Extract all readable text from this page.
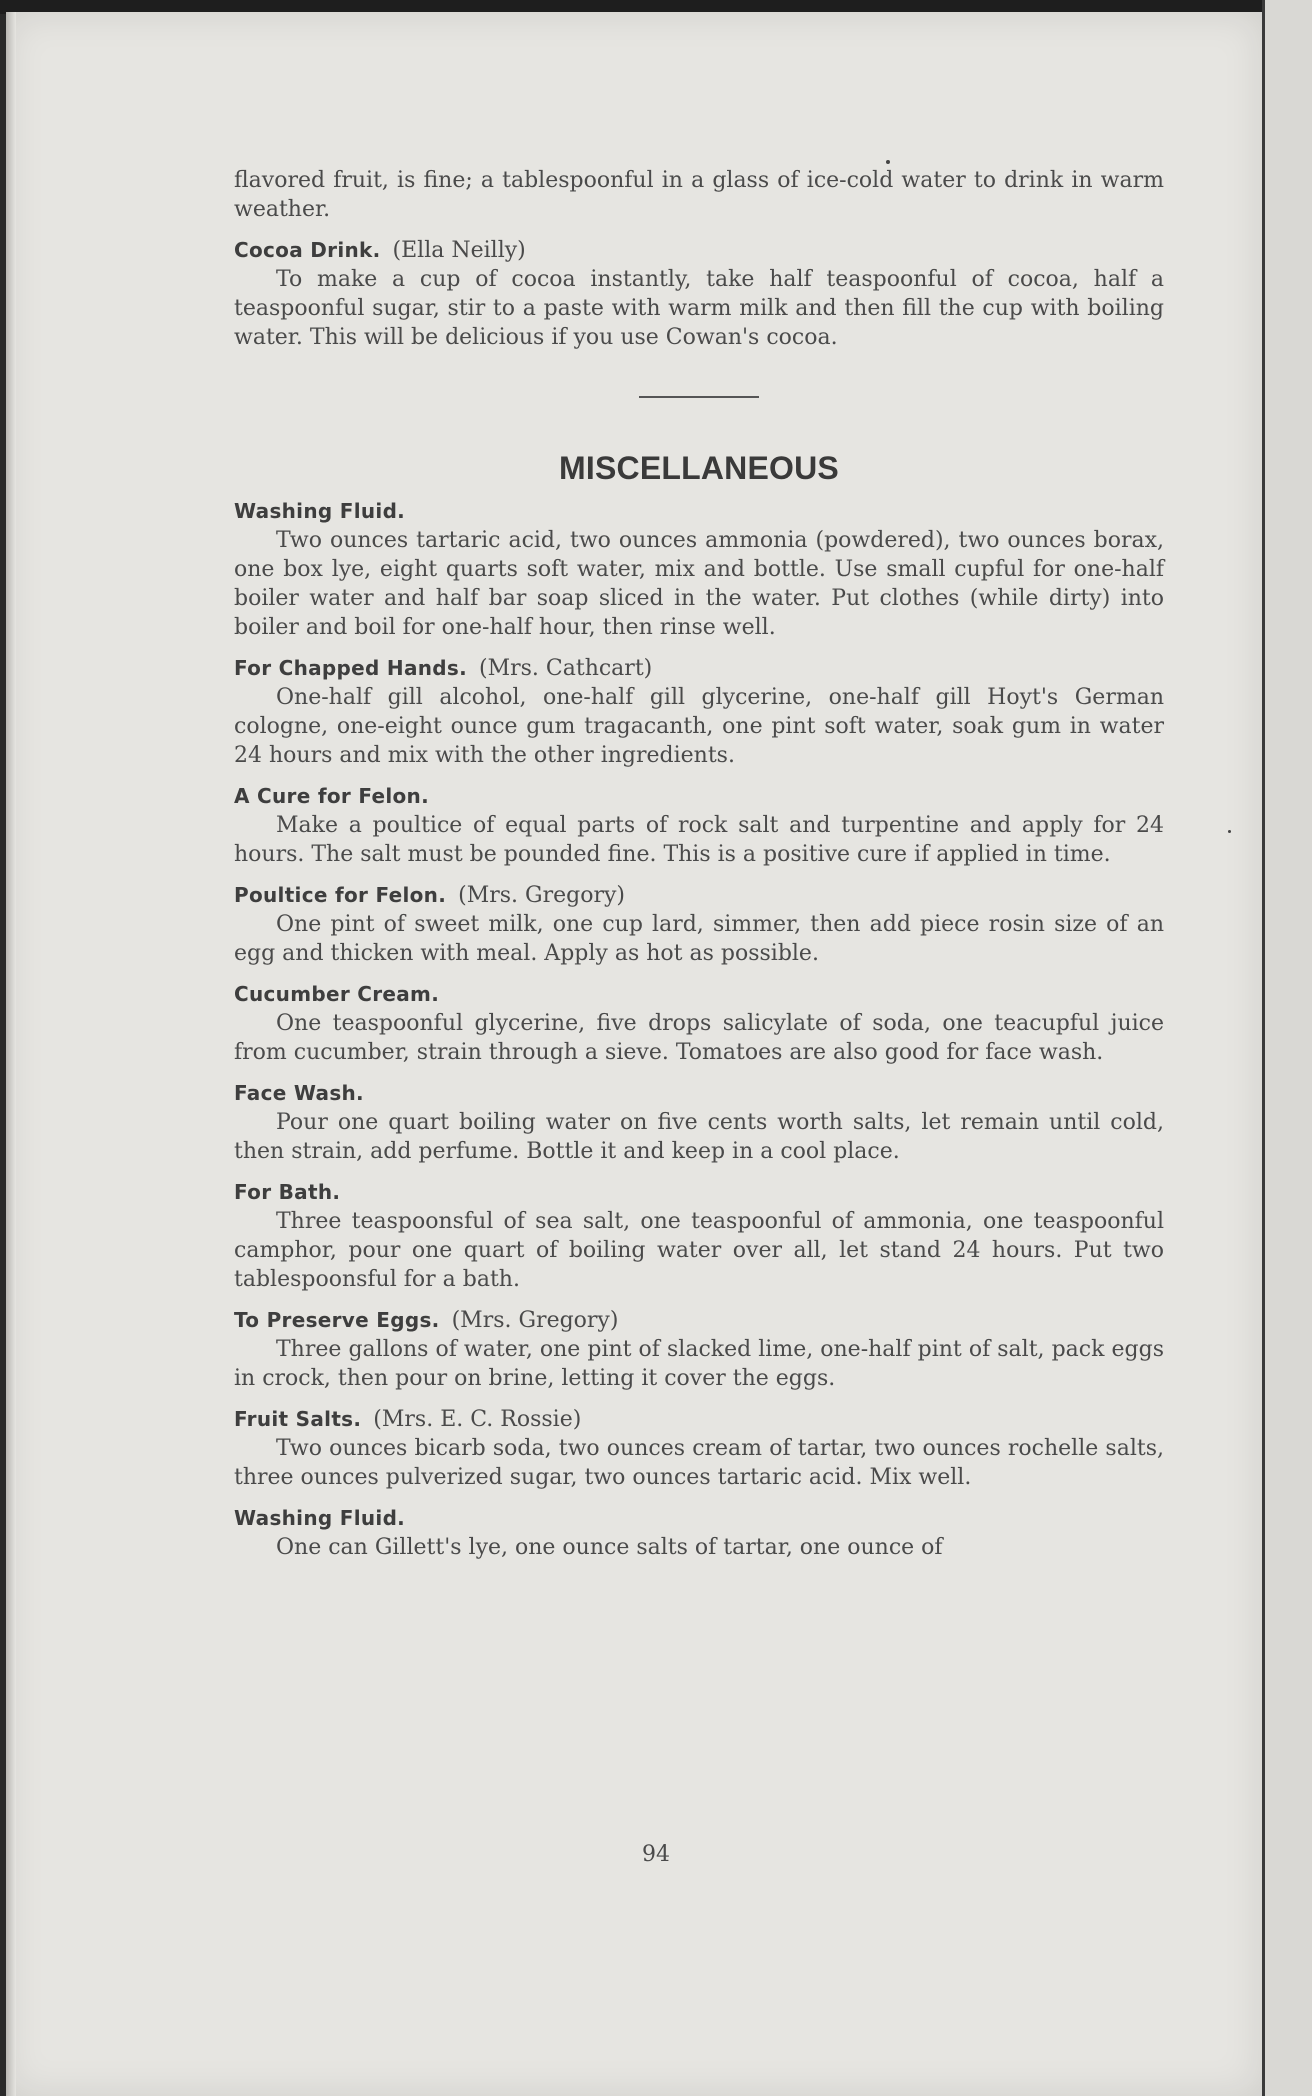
flavored fruit, is fine; a tablespoonful in a glass of ice-cold water to drink in warm weather.

Cocoa Drink. (Ella Neilly)

To make a cup of cocoa instantly, take half teaspoonful of cocoa, half a teaspoonful sugar, stir to a paste with warm milk and then fill the cup with boiling water. This will be delicious if you use Cowan's cocoa.

MISCELLANEOUS

Washing Fluid.

Two ounces tartaric acid, two ounces ammonia (powdered), two ounces borax, one box lye, eight quarts soft water, mix and bottle. Use small cupful for one-half boiler water and half bar soap sliced in the water. Put clothes (while dirty) into boiler and boil for one-half hour, then rinse well.

For Chapped Hands. (Mrs. Cathcart)

One-half gill alcohol, one-half gill glycerine, one-half gill Hoyt's German cologne, one-eight ounce gum tragacanth, one pint soft water, soak gum in water 24 hours and mix with the other ingredients.

A Cure for Felon.

Make a poultice of equal parts of rock salt and turpentine and apply for 24 hours. The salt must be pounded fine. This is a positive cure if applied in time.

Poultice for Felon. (Mrs. Gregory)

One pint of sweet milk, one cup lard, simmer, then add piece rosin size of an egg and thicken with meal. Apply as hot as possible.

Cucumber Cream.

One teaspoonful glycerine, five drops salicylate of soda, one teacupful juice from cucumber, strain through a sieve. Tomatoes are also good for face wash.

Face Wash.

Pour one quart boiling water on five cents worth salts, let remain until cold, then strain, add perfume. Bottle it and keep in a cool place.

For Bath.

Three teaspoonsful of sea salt, one teaspoonful of ammonia, one teaspoonful camphor, pour one quart of boiling water over all, let stand 24 hours. Put two tablespoonsful for a bath.

To Preserve Eggs. (Mrs. Gregory)

Three gallons of water, one pint of slacked lime, one-half pint of salt, pack eggs in crock, then pour on brine, letting it cover the eggs.

Fruit Salts. (Mrs. E. C. Rossie)

Two ounces bicarb soda, two ounces cream of tartar, two ounces rochelle salts, three ounces pulverized sugar, two ounces tartaric acid. Mix well.

Washing Fluid.

One can Gillett's lye, one ounce salts of tartar, one ounce of

94
